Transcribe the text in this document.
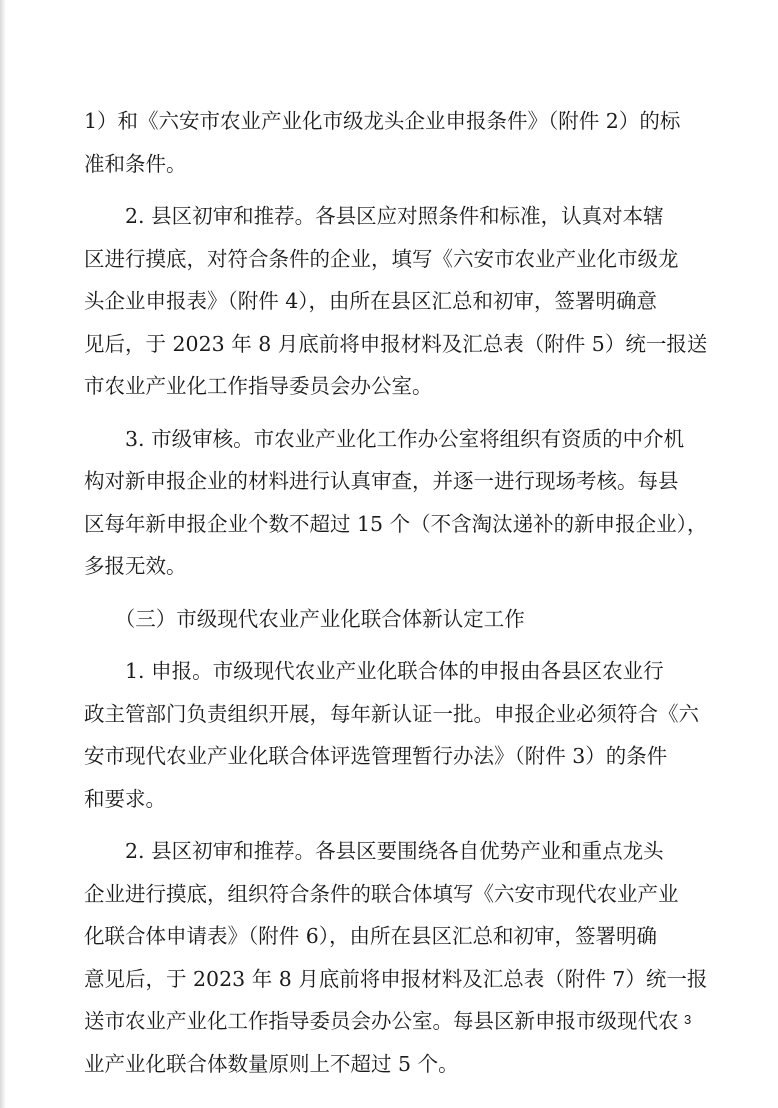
1）和《六安市农业产业化市级龙头企业申报条件》（附件 2）的标
准和条件。
　　2. 县区初审和推荐。各县区应对照条件和标准，认真对本辖
区进行摸底，对符合条件的企业，填写《六安市农业产业化市级龙
头企业申报表》（附件 4），由所在县区汇总和初审，签署明确意
见后，于 2023 年 8 月底前将申报材料及汇总表（附件 5）统一报送
市农业产业化工作指导委员会办公室。
　　3. 市级审核。市农业产业化工作办公室将组织有资质的中介机
构对新申报企业的材料进行认真审查，并逐一进行现场考核。每县
区每年新申报企业个数不超过 15 个（不含淘汰递补的新申报企业），
多报无效。
　　（三）市级现代农业产业化联合体新认定工作
　　1. 申报。市级现代农业产业化联合体的申报由各县区农业行
政主管部门负责组织开展，每年新认证一批。申报企业必须符合《六
安市现代农业产业化联合体评选管理暂行办法》（附件 3）的条件
和要求。
　　2. 县区初审和推荐。各县区要围绕各自优势产业和重点龙头
企业进行摸底，组织符合条件的联合体填写《六安市现代农业产业
化联合体申请表》（附件 6），由所在县区汇总和初审，签署明确
意见后，于 2023 年 8 月底前将申报材料及汇总表（附件 7）统一报
送市农业产业化工作指导委员会办公室。每县区新申报市级现代农
业产业化联合体数量原则上不超过 5 个。
3
